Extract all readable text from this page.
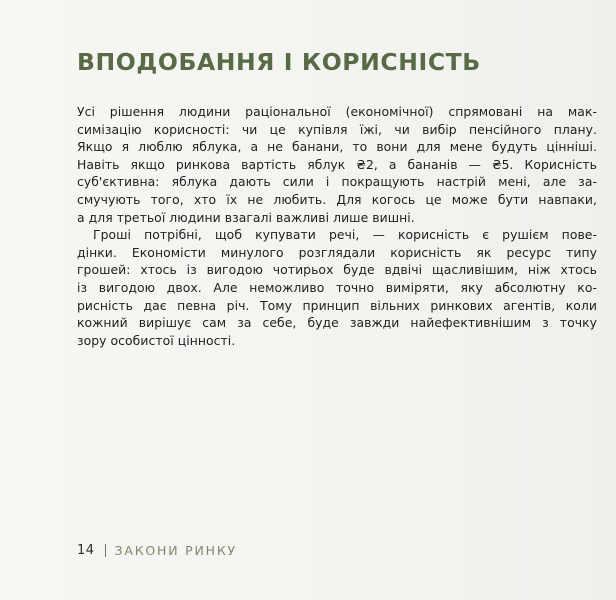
ВПОДОБАННЯ І КОРИСНІСТЬ
Усі рішення людини раціональної (економічної) спрямовані на мак-
симізацію корисності: чи це купівля їжі, чи вибір пенсійного плану.
Якщо я люблю яблука, а не банани, то вони для мене будуть цінніші.
Навіть якщо ринкова вартість яблук ₴2, а бананів — ₴5. Корисність
суб'єктивна: яблука дають сили і покращують настрій мені, але за-
смучують того, хто їх не любить. Для когось це може бути навпаки,
а для третьої людини взагалі важливі лише вишні.
Гроші потрібні, щоб купувати речі, — корисність є рушієм пове-
дінки. Економісти минулого розглядали корисність як ресурс типу
грошей: хтось із вигодою чотирьох буде вдвічі щасливішим, ніж хтось
із вигодою двох. Але неможливо точно виміряти, яку абсолютну ко-
рисність дає певна річ. Тому принцип вільних ринкових агентів, коли
кожний вирішує сам за себе, буде завжди найефективнішим з точку
зору особистої цінності.
14 ЗАКОНИ РИНКУ
